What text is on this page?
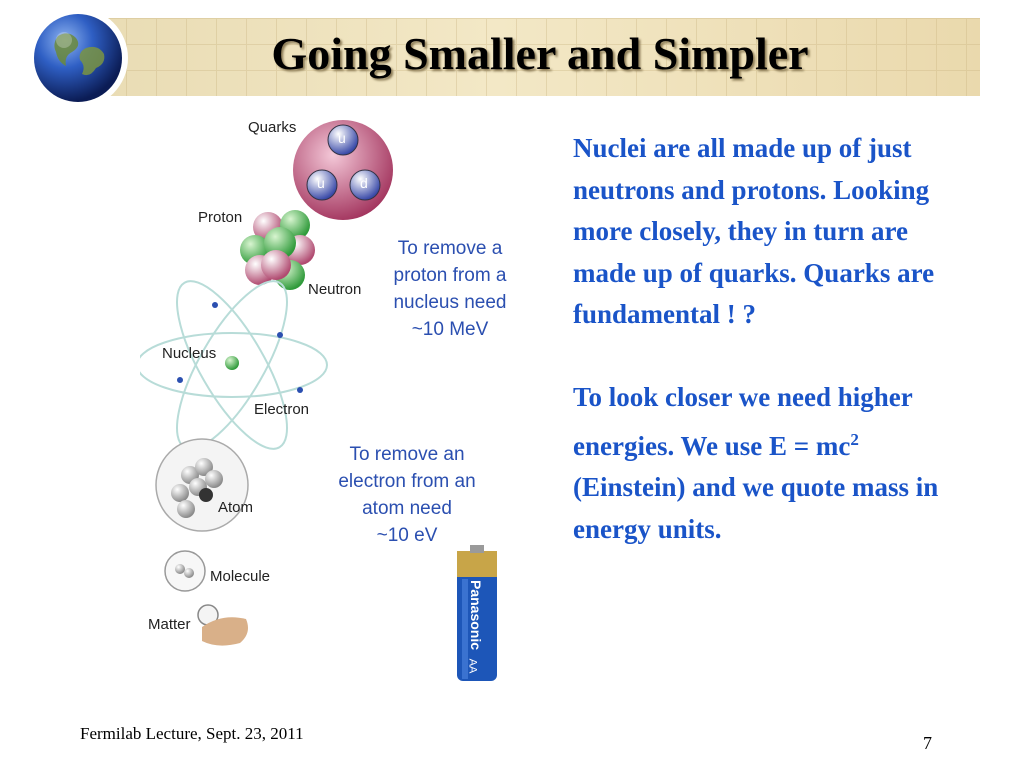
Going Smaller and Simpler
Quarks
u
u	d
Proton
Neutron
Nucleus
Electron
Atom
Molecule
Matter	Panasonic
AA
To remove a
proton from a
nucleus need
~10 MeV
To remove an
electron from an
atom need
~10 eV

Nuclei are all made up of just neutrons and protons. Looking more closely, they in turn are made up of quarks. Quarks are fundamental ! ?

To look closer we need higher energies. We use $E = mc^2$ (Einstein) and we quote mass in energy units.

Fermilab Lecture, Sept. 23, 2011	7
